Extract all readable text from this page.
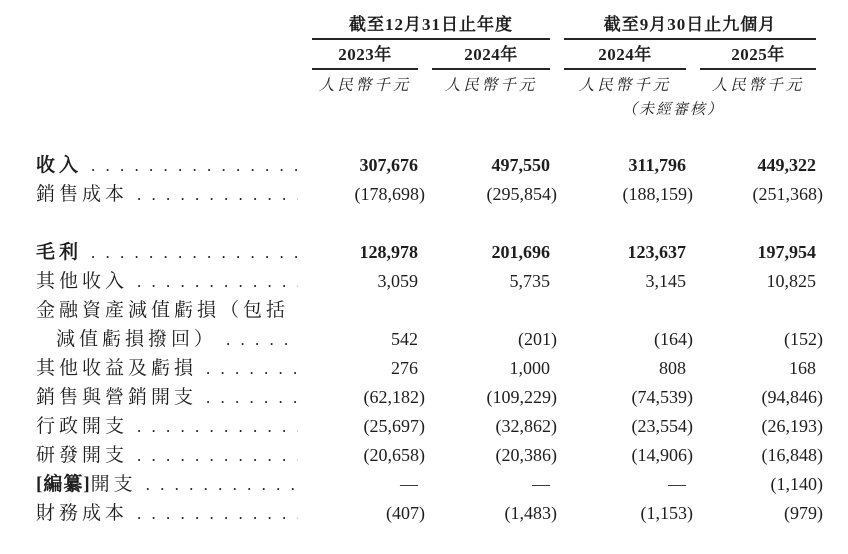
截至12月31日止年度	截至9月30日止九個月
2023年	2024年	2024年	2025年
人民幣千元	人民幣千元	人民幣千元	人民幣千元
（未經審核）
收入 . . .	307,676	497,550	311,796	449,322
銷售成本 . . .	(178,698)	(295,854)	(188,159)	(251,368)
毛利 . . .	128,978	201,696	123,637	197,954
其他收入 . . .	3,059	5,735	3,145	10,825
金融資產減值虧損（包括
減值虧損撥回） . . .	542	(201)	(164)	(152)
其他收益及虧損 . . .	276	1,000	808	168
銷售與營銷開支 . . .	(62,182)	(109,229)	(74,539)	(94,846)
行政開支 . . .	(25,697)	(32,862)	(23,554)	(26,193)
研發開支 . . .	(20,658)	(20,386)	(14,906)	(16,848)
[編纂] 開支 . . .	—	—	—	(1,140)
財務成本 . . .	(407)	(1,483)	(1,153)	(979)
